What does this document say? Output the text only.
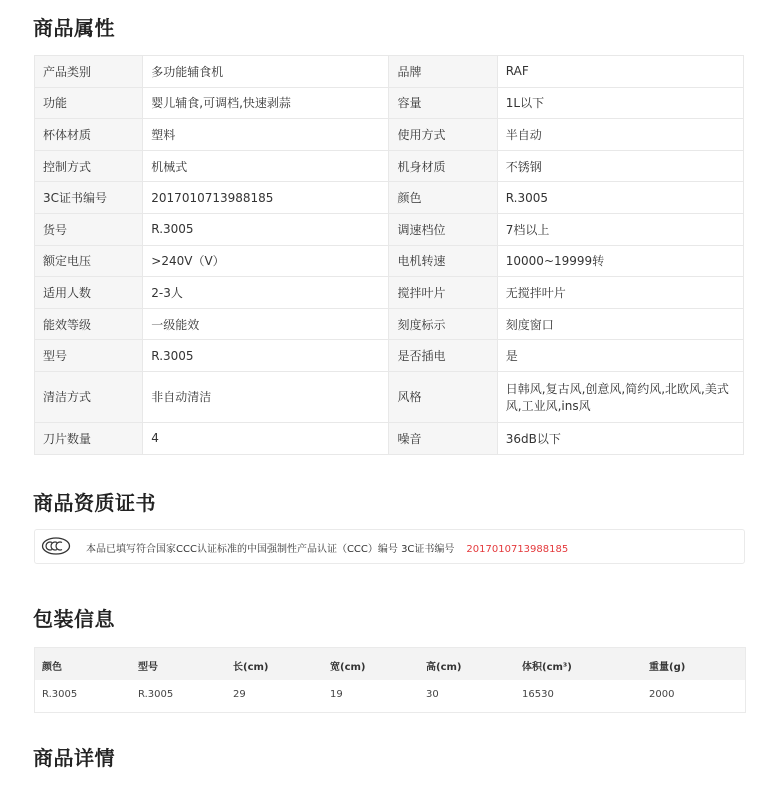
商品属性
产品类别	多功能辅食机	品牌	RAF
功能	婴儿辅食,可调档,快速剥蒜	容量	1L以下
杯体材质	塑料	使用方式	半自动
控制方式	机械式	机身材质	不锈钢
3C证书编号	2017010713988185	颜色	R.3005
货号	R.3005	调速档位	7档以上
额定电压	>240V（V）	电机转速	10000~19999转
适用人数	2-3人	搅拌叶片	无搅拌叶片
能效等级	一级能效	刻度标示	刻度窗口
型号	R.3005	是否插电	是
清洁方式	非自动清洁	风格	日韩风,复古风,创意风,简约风,北欧风,美式风,工业风,ins风
刀片数量	4	噪音	36dB以下
商品资质证书
本品已填写符合国家CCC认证标准的中国强制性产品认证（CCC）编号 3C证书编号 2017010713988185
包装信息
颜色	型号	长(cm)	宽(cm)	高(cm)	体积(cm³)	重量(g)
R.3005	R.3005	29	19	30	16530	2000
商品详情
